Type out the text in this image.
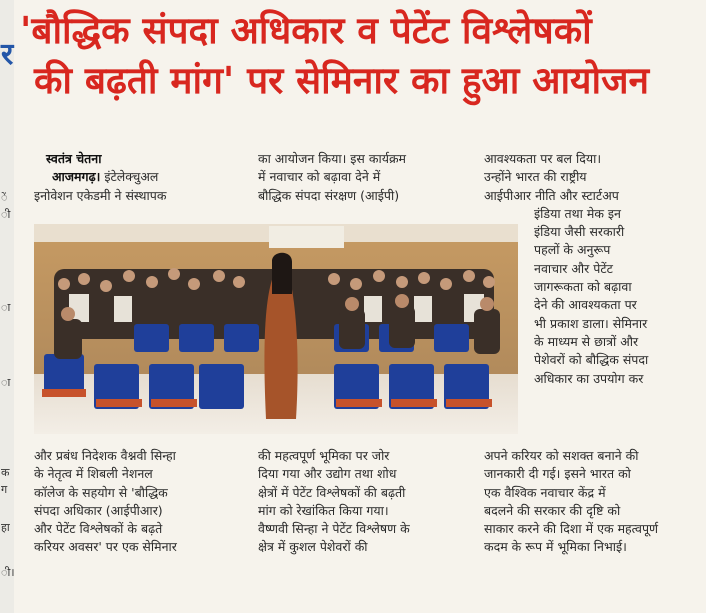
र
ें
ी
ा
ा
क
ग
हा
ी।
'बौद्धिक संपदा अधिकार व पेटेंट विश्लेषकों
की बढ़ती मांग' पर सेमिनार का हुआ आयोजन
स्वतंत्र चेतना
आजमगढ़। इंटेलेक्चुअल
इनोवेशन एकेडमी ने संस्थापक
का आयोजन किया। इस कार्यक्रम
में नवाचार को बढ़ावा देने में
बौद्धिक संपदा संरक्षण (आईपी)
आवश्यकता पर बल दिया।
उन्होंने भारत की राष्ट्रीय
आईपीआर नीति और स्टार्टअप
इंडिया तथा मेक इन
इंडिया जैसी सरकारी
पहलों के अनुरूप
नवाचार और पेटेंट
जागरूकता को बढ़ावा
देने की आवश्यकता पर
भी प्रकाश डाला। सेमिनार
के माध्यम से छात्रों और
पेशेवरों को बौद्धिक संपदा
अधिकार का उपयोग कर
और प्रबंध निदेशक वैश्नवी सिन्हा
के नेतृत्व में शिबली नेशनल
कॉलेज के सहयोग से 'बौद्धिक
संपदा अधिकार (आईपीआर)
और पेटेंट विश्लेषकों के बढ़ते
करियर अवसर' पर एक सेमिनार
की महत्वपूर्ण भूमिका पर जोर
दिया गया और उद्योग तथा शोध
क्षेत्रों में पेटेंट विश्लेषकों की बढ़ती
मांग को रेखांकित किया गया।
वैष्णवी सिन्हा ने पेटेंट विश्लेषण के
क्षेत्र में कुशल पेशेवरों की
अपने करियर को सशक्त बनाने की
जानकारी दी गई। इसने भारत को
एक वैश्विक नवाचार केंद्र में
बदलने की सरकार की दृष्टि को
साकार करने की दिशा में एक महत्वपूर्ण
कदम के रूप में भूमिका निभाई।
